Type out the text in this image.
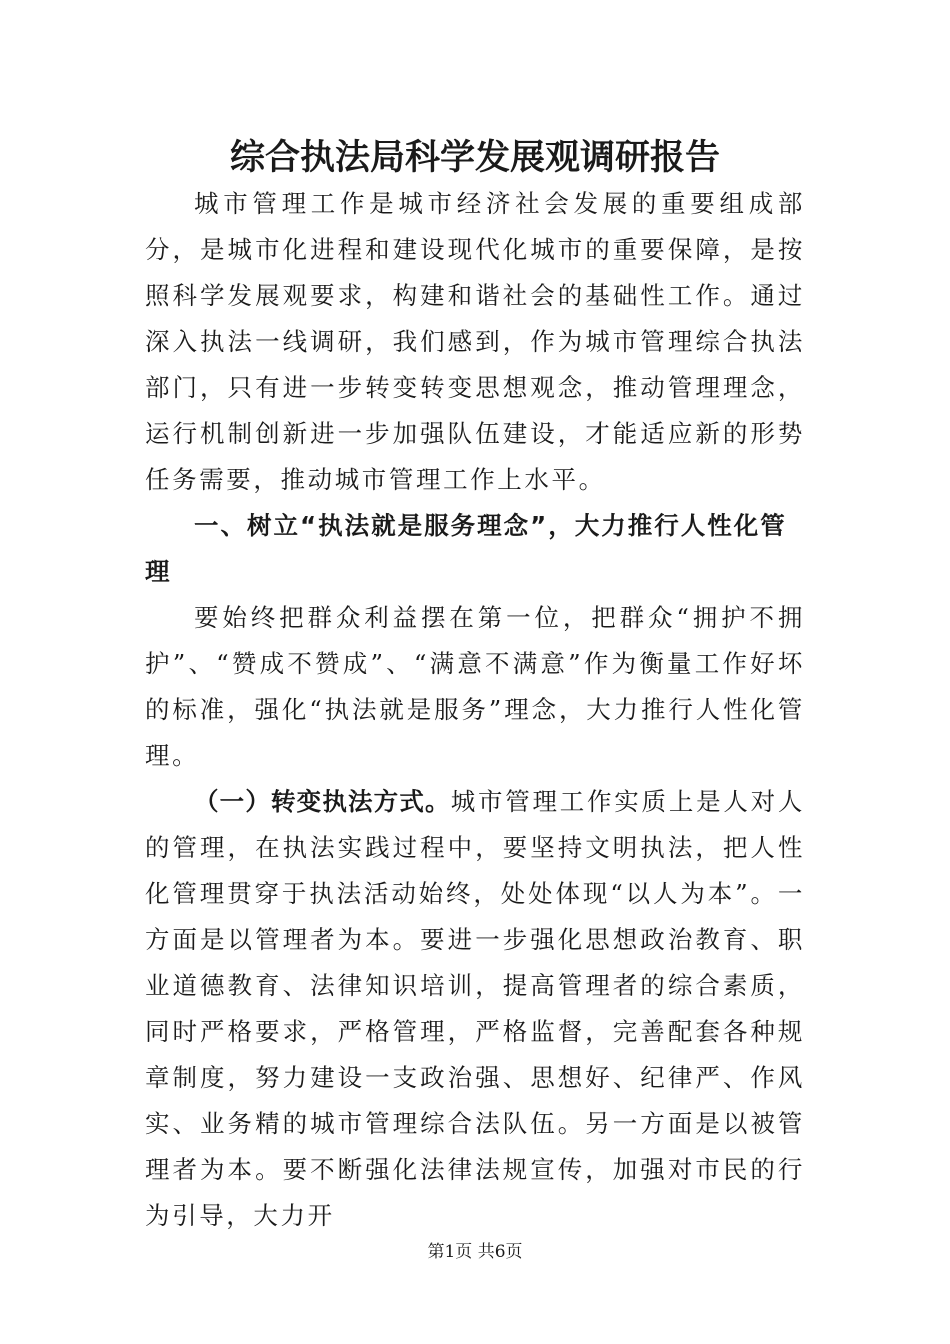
综合执法局科学发展观调研报告

城市管理工作是城市经济社会发展的重要组成部分，是城市化进程和建设现代化城市的重要保障，是按照科学发展观要求，构建和谐社会的基础性工作。通过深入执法一线调研，我们感到，作为城市管理综合执法部门，只有进一步转变转变思想观念，推动管理理念，运行机制创新进一步加强队伍建设，才能适应新的形势任务需要，推动城市管理工作上水平。

一、树立“执法就是服务理念”，大力推行人性化管理

要始终把群众利益摆在第一位，把群众“拥护不拥护”、“赞成不赞成”、“满意不满意”作为衡量工作好坏的标准，强化“执法就是服务”理念，大力推行人性化管理。

（一）转变执法方式。城市管理工作实质上是人对人的管理，在执法实践过程中，要坚持文明执法，把人性化管理贯穿于执法活动始终，处处体现“以人为本”。一方面是以管理者为本。要进一步强化思想政治教育、职业道德教育、法律知识培训，提高管理者的综合素质，同时严格要求，严格管理，严格监督，完善配套各种规章制度，努力建设一支政治强、思想好、纪律严、作风实、业务精的城市管理综合法队伍。另一方面是以被管理者为本。要不断强化法律法规宣传，加强对市民的行为引导，大力开

第1页 共6页
